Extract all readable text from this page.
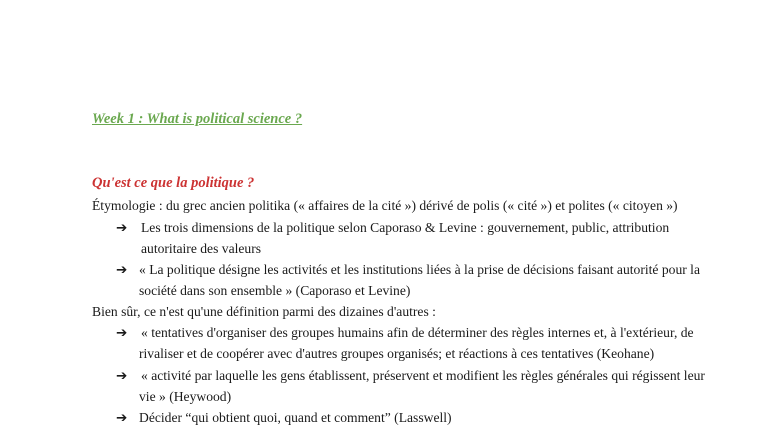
Week 1 : What is political science ?
Qu'est ce que la politique ?
Étymologie : du grec ancien politika (« affaires de la cité ») dérivé de polis (« cité ») et polites (« citoyen »)
➔ Les trois dimensions de la politique selon Caporaso & Levine : gouvernement, public, attribution
autoritaire des valeurs
➔ « La politique désigne les activités et les institutions liées à la prise de décisions faisant autorité pour la
société dans son ensemble » (Caporaso et Levine)
Bien sûr, ce n'est qu'une définition parmi des dizaines d'autres :
➔ « tentatives d'organiser des groupes humains afin de déterminer des règles internes et, à l'extérieur, de
rivaliser et de coopérer avec d'autres groupes organisés; et réactions à ces tentatives (Keohane)
➔ « activité par laquelle les gens établissent, préservent et modifient les règles générales qui régissent leur
vie » (Heywood)
➔ Décider “qui obtient quoi, quand et comment” (Lasswell)
